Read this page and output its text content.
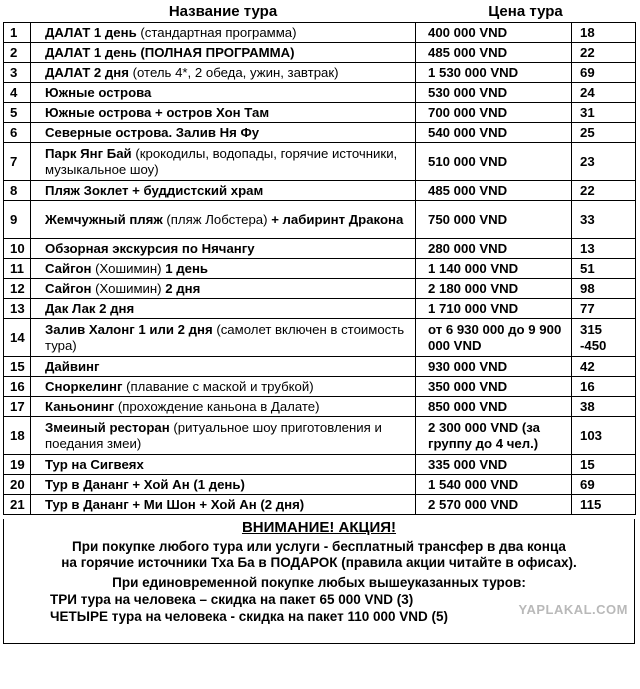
	Название тура	Цена тура	
1	ДАЛАТ 1 день (стандартная программа)	400 000 VND	18
2	ДАЛАТ 1 день (ПОЛНАЯ ПРОГРАММА)	485 000 VND	22
3	ДАЛАТ 2 дня (отель 4*, 2 обеда, ужин, завтрак)	1 530 000 VND	69
4	Южные острова	530 000 VND	24
5	Южные острова + остров Хон Там	700 000 VND	31
6	Северные острова. Залив Ня Фу	540 000 VND	25
7	Парк Янг Бай (крокодилы, водопады, горячие источники, музыкальное шоу)	510 000 VND	23
8	Пляж Зоклет + буддистский храм	485 000 VND	22
9	Жемчужный пляж (пляж Лобстера) + лабиринт Дракона	750 000 VND	33
10	Обзорная экскурсия по Нячангу	280 000 VND	13
11	Сайгон (Хошимин) 1 день	1 140 000 VND	51
12	Сайгон (Хошимин) 2 дня	2 180 000 VND	98
13	Дак Лак 2 дня	1 710 000 VND	77
14	Залив Халонг 1 или 2 дня (самолет включен в стоимость тура)	от 6 930 000 до 9 900 000 VND	315 -450
15	Дайвинг	930 000 VND	42
16	Сноркелинг (плавание с маской и трубкой)	350 000 VND	16
17	Каньонинг (прохождение каньона в Далате)	850 000 VND	38
18	Змеиный ресторан (ритуальное шоу приготовления и поедания змеи)	2 300 000 VND (за группу до 4 чел.)	103
19	Тур на Сигвеях	335 000 VND	15
20	Тур в Дананг + Хой Ан (1 день)	1 540 000 VND	69
21	Тур в Дананг + Ми Шон + Хой Ан (2 дня)	2 570 000 VND	115
ВНИМАНИЕ! АКЦИЯ!
При покупке любого тура или услуги - бесплатный трансфер в два конца
на горячие источники Тха Ба в ПОДАРОК (правила акции читайте в офисах).
При единовременной покупке любых вышеуказанных туров:
ТРИ тура на человека – скидка на пакет 65 000 VND (3)
ЧЕТЫРЕ тура на человека - скидка на пакет 110 000 VND (5)	YAPLAKAL.COM
